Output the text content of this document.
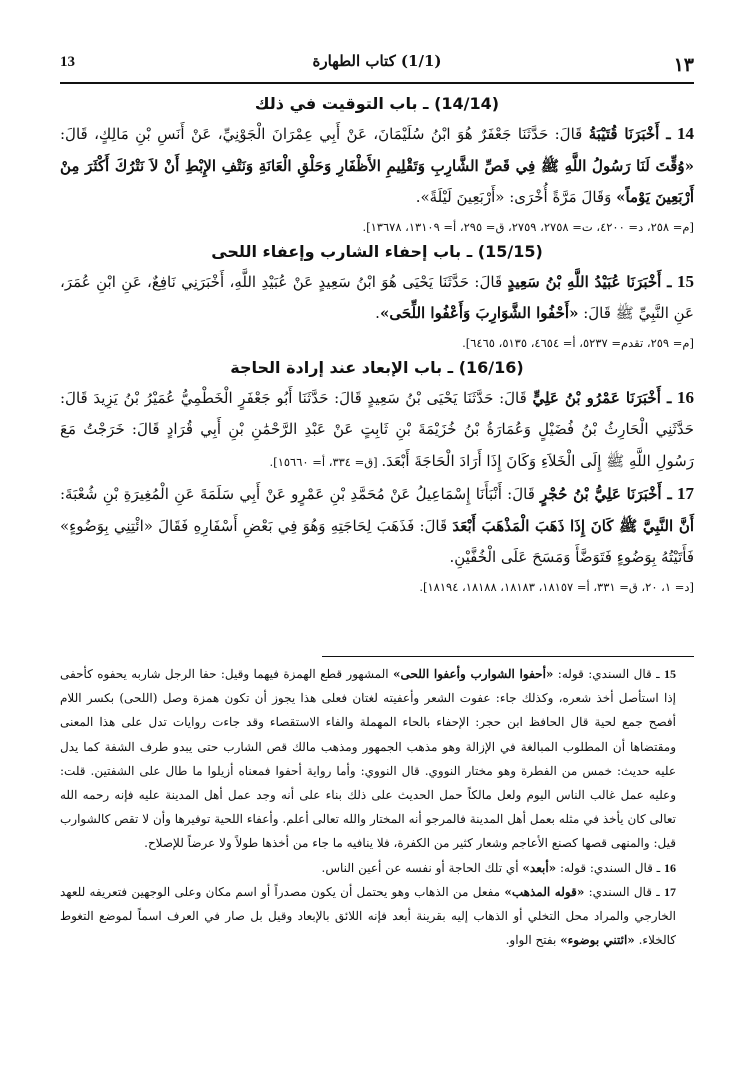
13	(1/1) كتاب الطهارة	١٣
(14/14) ـ باب التوقيت في ذلك

14 ـ أَخْبَرَنَا قُتَيْبَةُ قَالَ: حَدَّثَنَا جَعْفَرٌ هُوَ ابْنُ سُلَيْمَانَ، عَنْ أَبِي عِمْرَانَ الْجَوْنِيِّ، عَنْ أَنَسِ بْنِ مَالِكٍ، قَالَ: «وُقِّتَ لَنَا رَسُولُ اللَّهِ ﷺ فِي قَصِّ الشَّارِبِ وَتَقْلِيمِ الأَظْفَارِ وَحَلْقِ الْعَانَةِ وَنَتْفِ الإِبْطِ أَنْ لاَ نَتْرُكَ أَكْثَرَ مِنْ أَرْبَعِينَ يَوْماً» وَقَالَ مَرَّةً أُخْرَى: «أَرْبَعِينَ لَيْلَةً».

[م= ٢٥٨، د= ٤٢٠٠، ت= ٢٧٥٨، ٢٧٥٩، ق= ٢٩٥، أ= ١٣١٠٩، ١٣٦٧٨].
(15/15) ـ باب إحفاء الشارب وإعفاء اللحى

15 ـ أَخْبَرَنَا عُبَيْدُ اللَّهِ بْنُ سَعِيدٍ قَالَ: حَدَّثَنَا يَحْيَى هُوَ ابْنُ سَعِيدٍ عَنْ عُبَيْدِ اللَّهِ، أَخْبَرَنِي نَافِعٌ، عَنِ ابْنِ عُمَرَ، عَنِ النَّبِيِّ ﷺ قَالَ: «أَحْفُوا الشَّوَارِبَ وَأَعْفُوا اللِّحَى».

[م= ٢٥٩، تقدم= ٥٢٣٧، أ= ٤٦٥٤، ٥١٣٥، ٦٤٦٥].
(16/16) ـ باب الإبعاد عند إرادة الحاجة

16 ـ أَخْبَرَنَا عَمْرُو بْنُ عَلِيٍّ قَالَ: حَدَّثَنَا يَحْيَى بْنُ سَعِيدٍ قَالَ: حَدَّثَنَا أَبُو جَعْفَرٍ الْخَطْمِيُّ عُمَيْرُ بْنُ يَزِيدَ قَالَ: حَدَّثَنِي الْحَارِثُ بْنُ فُضَيْلٍ وَعُمَارَةُ بْنُ خُزَيْمَةَ بْنِ ثَابِتٍ عَنْ عَبْدِ الرَّحْمَٰنِ بْنِ أَبِي قُرَادٍ قَالَ: خَرَجْتُ مَعَ رَسُولِ اللَّهِ ﷺ إِلَى الْخَلاَءِ وَكَانَ إِذَا أَرَادَ الْحَاجَةَ أَبْعَدَ. [ق= ٣٣٤، أ= ١٥٦٦٠].

17 ـ أَخْبَرَنَا عَلِيُّ بْنُ حُجْرٍ قَالَ: أَنْبَأَنَا إِسْمَاعِيلُ عَنْ مُحَمَّدِ بْنِ عَمْرٍو عَنْ أَبِي سَلَمَةَ عَنِ الْمُغِيرَةِ بْنِ شُعْبَةَ: أَنَّ النَّبِيَّ ﷺ كَانَ إِذَا ذَهَبَ الْمَذْهَبَ أَبْعَدَ قَالَ: فَذَهَبَ لِحَاجَتِهِ وَهُوَ فِي بَعْضِ أَسْفَارِهِ فَقَالَ «ائْتِنِي بِوَضُوءٍ» فَأَتَيْتُهُ بِوَضُوءٍ فَتَوَضَّأَ وَمَسَحَ عَلَى الْخُفَّيْنِ.

[د= ١، ٢٠، ق= ٣٣١، أ= ١٨١٥٧، ١٨١٨٣، ١٨١٨٨، ١٨١٩٤].

15 ـ قال السندي: قوله: «أحفوا الشوارب وأعفوا اللحى» المشهور قطع الهمزة فيهما وقيل: حفا الرجل شاربه يحفوه كأحفى إذا استأصل أخذ شعره، وكذلك جاء: عفوت الشعر وأعفيته لغتان فعلى هذا يجوز أن تكون همزة وصل (اللحى) بكسر اللام أفصح جمع لحية قال الحافظ ابن حجر: الإحفاء بالحاء المهملة والفاء الاستقصاء وقد جاءت روايات تدل على هذا المعنى ومقتضاها أن المطلوب المبالغة في الإزالة وهو مذهب الجمهور ومذهب مالك قص الشارب حتى يبدو طرف الشفة كما يدل عليه حديث: خمس من الفطرة وهو مختار النووي. قال النووي: وأما رواية أحفوا فمعناه أزيلوا ما طال على الشفتين. قلت: وعليه عمل غالب الناس اليوم ولعل مالكاً حمل الحديث على ذلك بناء على أنه وجد عمل أهل المدينة عليه فإنه رحمه الله تعالى كان يأخذ في مثله بعمل أهل المدينة فالمرجو أنه المختار والله تعالى أعلم. وأعفاء اللحية توفيرها وأن لا تقص كالشوارب قيل: والمنهى قصها كصنع الأعاجم وشعار كثير من الكفرة، فلا ينافيه ما جاء من أخذها طولاً ولا عرضاً للإصلاح.

16 ـ قال السندي: قوله: «أبعد» أي تلك الحاجة أو نفسه عن أعين الناس.

17 ـ قال السندي: «قوله المذهب» مفعل من الذهاب وهو يحتمل أن يكون مصدراً أو اسم مكان وعلى الوجهين فتعريفه للعهد الخارجي والمراد محل التخلي أو الذهاب إليه بقرينة أبعد فإنه اللائق بالإبعاد وقيل بل صار في العرف اسماً لموضع التغوط كالخلاء. «ائتني بوضوء» بفتح الواو.
